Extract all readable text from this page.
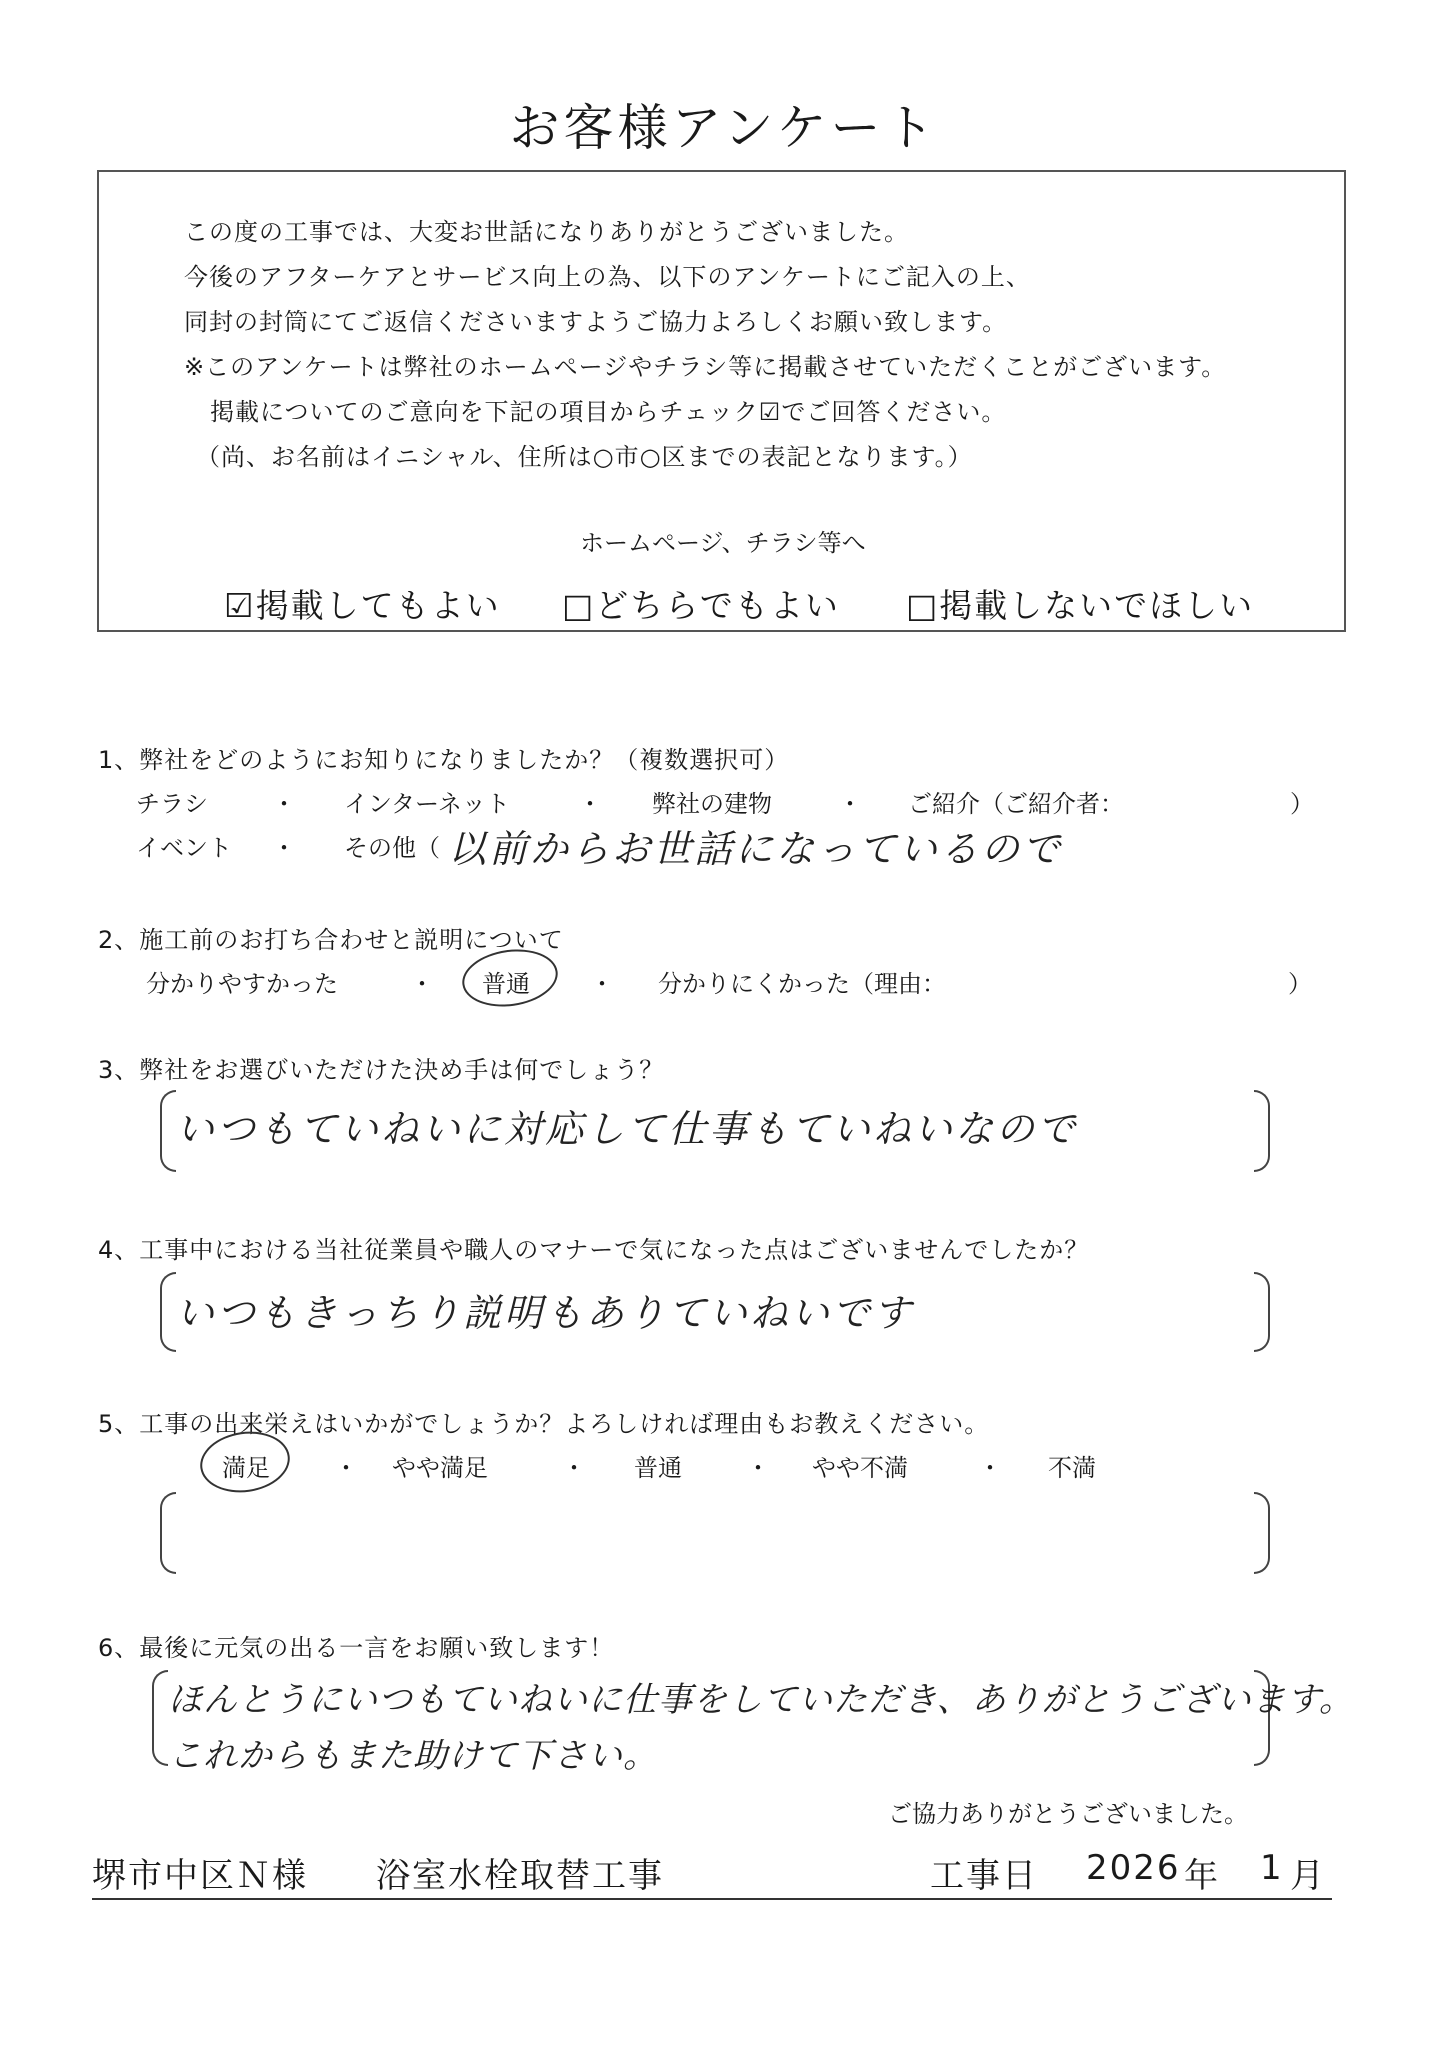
お客様アンケート
この度の工事では、大変お世話になりありがとうございました。
今後のアフターケアとサービス向上の為、以下のアンケートにご記入の上、
同封の封筒にてご返信くださいますようご協力よろしくお願い致します。
※このアンケートは弊社のホームページやチラシ等に掲載させていただくことがございます。
掲載についてのご意向を下記の項目からチェック☑でご回答ください。
（尚、お名前はイニシャル、住所は○市○区までの表記となります。）
ホームページ、チラシ等へ
☑掲載してもよい □どちらでもよい □掲載しないでほしい
1、弊社をどのようにお知りになりましたか？（複数選択可）
チラシ	・ インターネット	・ 弊社の建物	・ ご紹介（ご紹介者：	）
イベント ・ その他（ 以前からお世話になっているので
2、施工前のお打ち合わせと説明について
分かりやすかった	・ 普通	・ 分かりにくかった（理由：	）
3、弊社をお選びいただけた決め手は何でしょう？
いつもていねいに対応して仕事もていねいなので
4、工事中における当社従業員や職人のマナーで気になった点はございませんでしたか？
いつもきっちり説明もありていねいです
5、工事の出来栄えはいかがでしょうか？よろしければ理由もお教えください。
満足	・ やや満足	・ 普通	・ やや不満	・ 不満
6、最後に元気の出る一言をお願い致します！
ほんとうにいつもていねいに仕事をしていただき、ありがとうございます。
これからもまた助けて下さい。
ご協力ありがとうございました。
堺市中区Ｎ様 浴室水栓取替工事	工事日 2026 年 1 月
